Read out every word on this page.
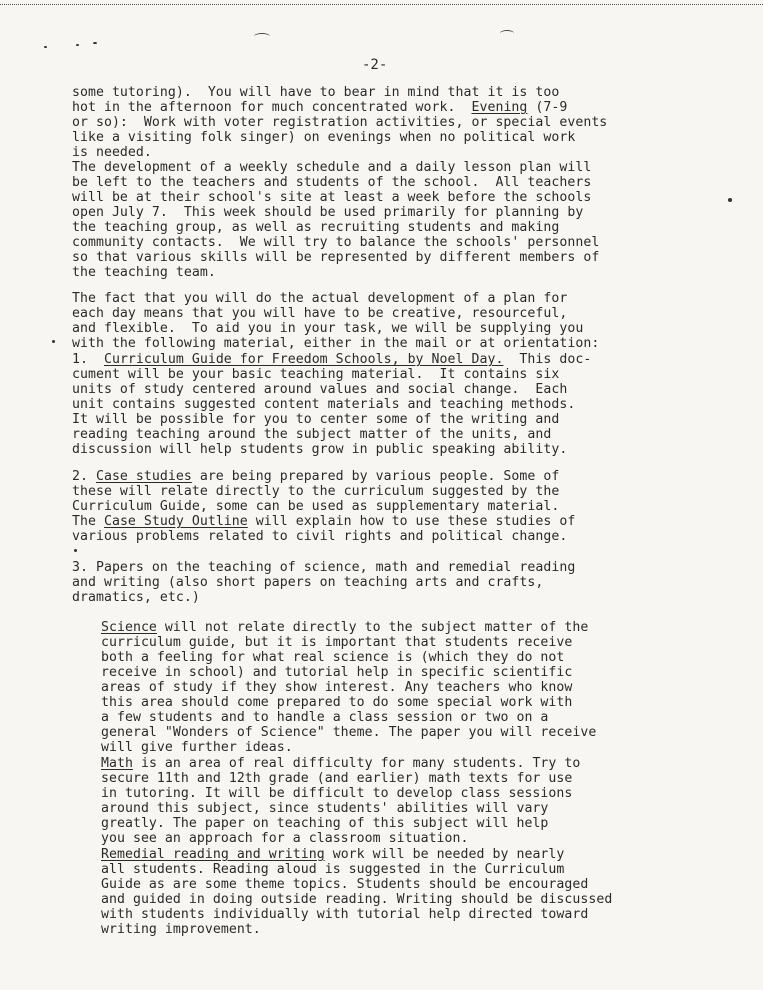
-2-
some tutoring).  You will have to bear in mind that it is too
hot in the afternoon for much concentrated work.  Evening (7-9
or so):  Work with voter registration activities, or special events
like a visiting folk singer) on evenings when no political work
is needed.
The development of a weekly schedule and a daily lesson plan will
be left to the teachers and students of the school.  All teachers
will be at their school's site at least a week before the schools
open July 7.  This week should be used primarily for planning by
the teaching group, as well as recruiting students and making
community contacts.  We will try to balance the schools' personnel
so that various skills will be represented by different members of
the teaching team.
The fact that you will do the actual development of a plan for
each day means that you will have to be creative, resourceful,
and flexible.  To aid you in your task, we will be supplying you
with the following material, either in the mail or at orientation:
1.  Curriculum Guide for Freedom Schools, by Noel Day.  This doc-
cument will be your basic teaching material.  It contains six
units of study centered around values and social change.  Each
unit contains suggested content materials and teaching methods.
It will be possible for you to center some of the writing and
reading teaching around the subject matter of the units, and
discussion will help students grow in public speaking ability.
2. Case studies are being prepared by various people. Some of
these will relate directly to the curriculum suggested by the
Curriculum Guide, some can be used as supplementary material.
The Case Study Outline will explain how to use these studies of
various problems related to civil rights and political change.
3. Papers on the teaching of science, math and remedial reading
and writing (also short papers on teaching arts and crafts,
dramatics, etc.)
Science will not relate directly to the subject matter of the
curriculum guide, but it is important that students receive
both a feeling for what real science is (which they do not
receive in school) and tutorial help in specific scientific
areas of study if they show interest. Any teachers who know
this area should come prepared to do some special work with
a few students and to handle a class session or two on a
general "Wonders of Science" theme. The paper you will receive
will give further ideas.
Math is an area of real difficulty for many students. Try to
secure 11th and 12th grade (and earlier) math texts for use
in tutoring. It will be difficult to develop class sessions
around this subject, since students' abilities will vary
greatly. The paper on teaching of this subject will help
you see an approach for a classroom situation.
Remedial reading and writing work will be needed by nearly
all students. Reading aloud is suggested in the Curriculum
Guide as are some theme topics. Students should be encouraged
and guided in doing outside reading. Writing should be discussed
with students individually with tutorial help directed toward
writing improvement.
